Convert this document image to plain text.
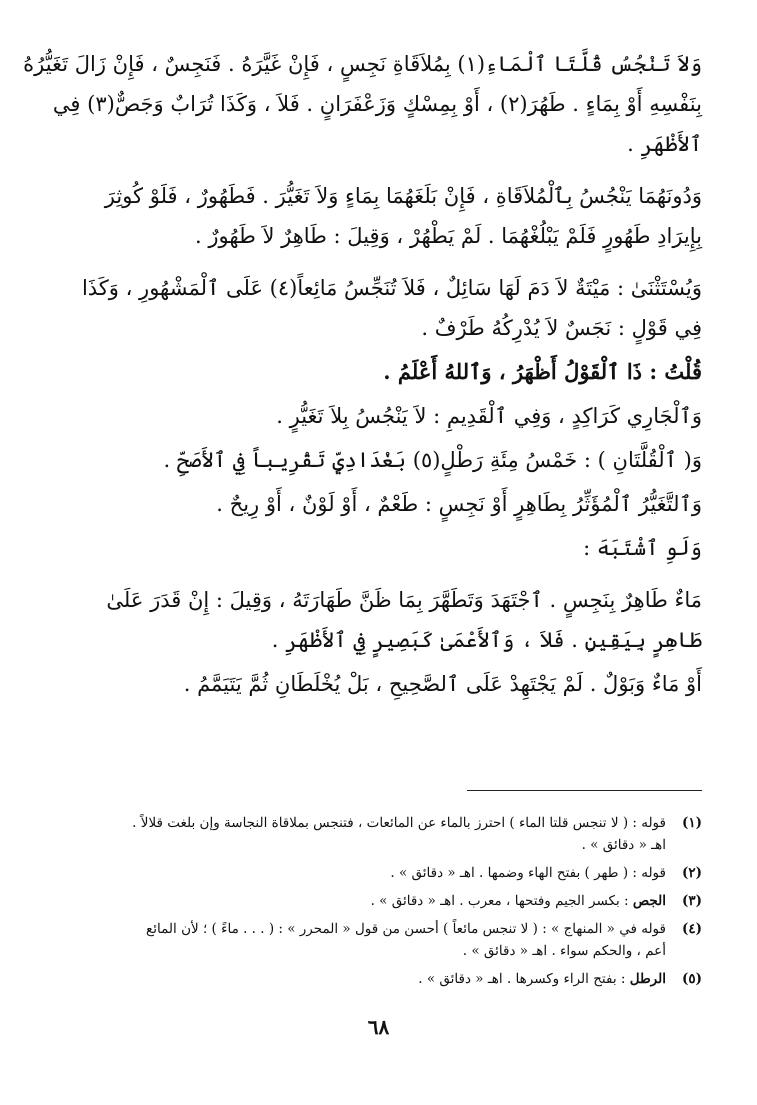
وَلاَ تَنْجُسُ قُلَّتَا ٱلْمَاءِ(١) بِمُلاَقَاةِ نَجِسٍ ، فَإِنْ غَيَّرَهُ . فَنَجِسٌ ، فَإِنْ زَالَ تَغَيُّرُهُ
بِنَفْسِهِ أَوْ بِمَاءٍ . طَهُرَ(٢) ، أَوْ بِمِسْكٍ وَزَعْفَرَانٍ . فَلاَ ، وَكَذَا تُرَابٌ وَجَصٌّ(٣) فِي
ٱلأَظْهَرِ .
وَدُونَهُمَا يَنْجُسُ بِٱلْمُلاَقَاةِ ، فَإِنْ بَلَغَهُمَا بِمَاءٍ وَلاَ تَغَيُّرَ . فَطَهُورٌ ، فَلَوْ كُوثِرَ
بِإِيرَادِ طَهُورٍ فَلَمْ يَبْلُغْهُمَا . لَمْ يَطْهُرْ ، وَقِيلَ : طَاهِرٌ لاَ طَهُورٌ .
وَيُسْتَثْنَىٰ : مَيْتَةٌ لاَ دَمَ لَهَا سَائِلٌ ، فَلاَ تُنَجِّسُ مَائِعاً(٤) عَلَى ٱلْمَشْهُورِ ، وَكَذَا
فِي قَوْلٍ : نَجَسٌ لاَ يُدْرِكُهُ طَرْفٌ .
قُلْتُ : ذَا ٱلْقَوْلُ أَظْهَرُ ، وَٱللهُ أَعْلَمُ .
وَٱلْجَارِي كَرَاكِدٍ ، وَفِي ٱلْقَدِيمِ : لاَ يَنْجُسُ بِلاَ تَغَيُّرٍ .
وَ( ٱلْقُلَّتَانِ ) : خَمْسُ مِئَةِ رَطْلٍ(٥) بَغْدَادِيٍّ تَقْرِيباً فِي ٱلأَصَحِّ .
وَٱلتَّغَيُّرُ ٱلْمُؤَثِّرُ بِطَاهِرٍ أَوْ نَجِسٍ : طَعْمٌ ، أَوْ لَوْنٌ ، أَوْ رِيحٌ .
وَلَوِ ٱشْتَبَهَ :
مَاءٌ طَاهِرٌ بِنَجِسٍ . ٱجْتَهَدَ وَتَطَهَّرَ بِمَا ظَنَّ طَهَارَتَهُ ، وَقِيلَ : إِنْ قَدَرَ عَلَىٰ
طَاهِرٍ بِيَقِينٍ . فَلاَ ، وَٱلأَعْمَىٰ كَبَصِيرٍ فِي ٱلأَظْهَرِ .
أَوْ مَاءٌ وَبَوْلٌ . لَمْ يَجْتَهِدْ عَلَى ٱلصَّحِيحِ ، بَلْ يُخْلَطَانِ ثُمَّ يَتَيَمَّمُ .
(١)
قوله : ( لا تنجس قلتا الماء ) احترز بالماء عن المائعات ، فتنجس بملاقاة النجاسة وإن بلغت قلالاً .
اهـ « دقائق » .
(٢)
قوله : ( طهر ) بفتح الهاء وضمها . اهـ « دقائق » .
(٣)
الجص : بكسر الجيم وفتحها ، معرب . اهـ « دقائق » .
(٤)
قوله في « المنهاج » : ( لا تنجس مائعاً ) أحسن من قول « المحرر » : ( . . . ماءً ) ؛ لأن المائع
أعم ، والحكم سواء . اهـ « دقائق » .
(٥)
الرطل : بفتح الراء وكسرها . اهـ « دقائق » .
٦٨
